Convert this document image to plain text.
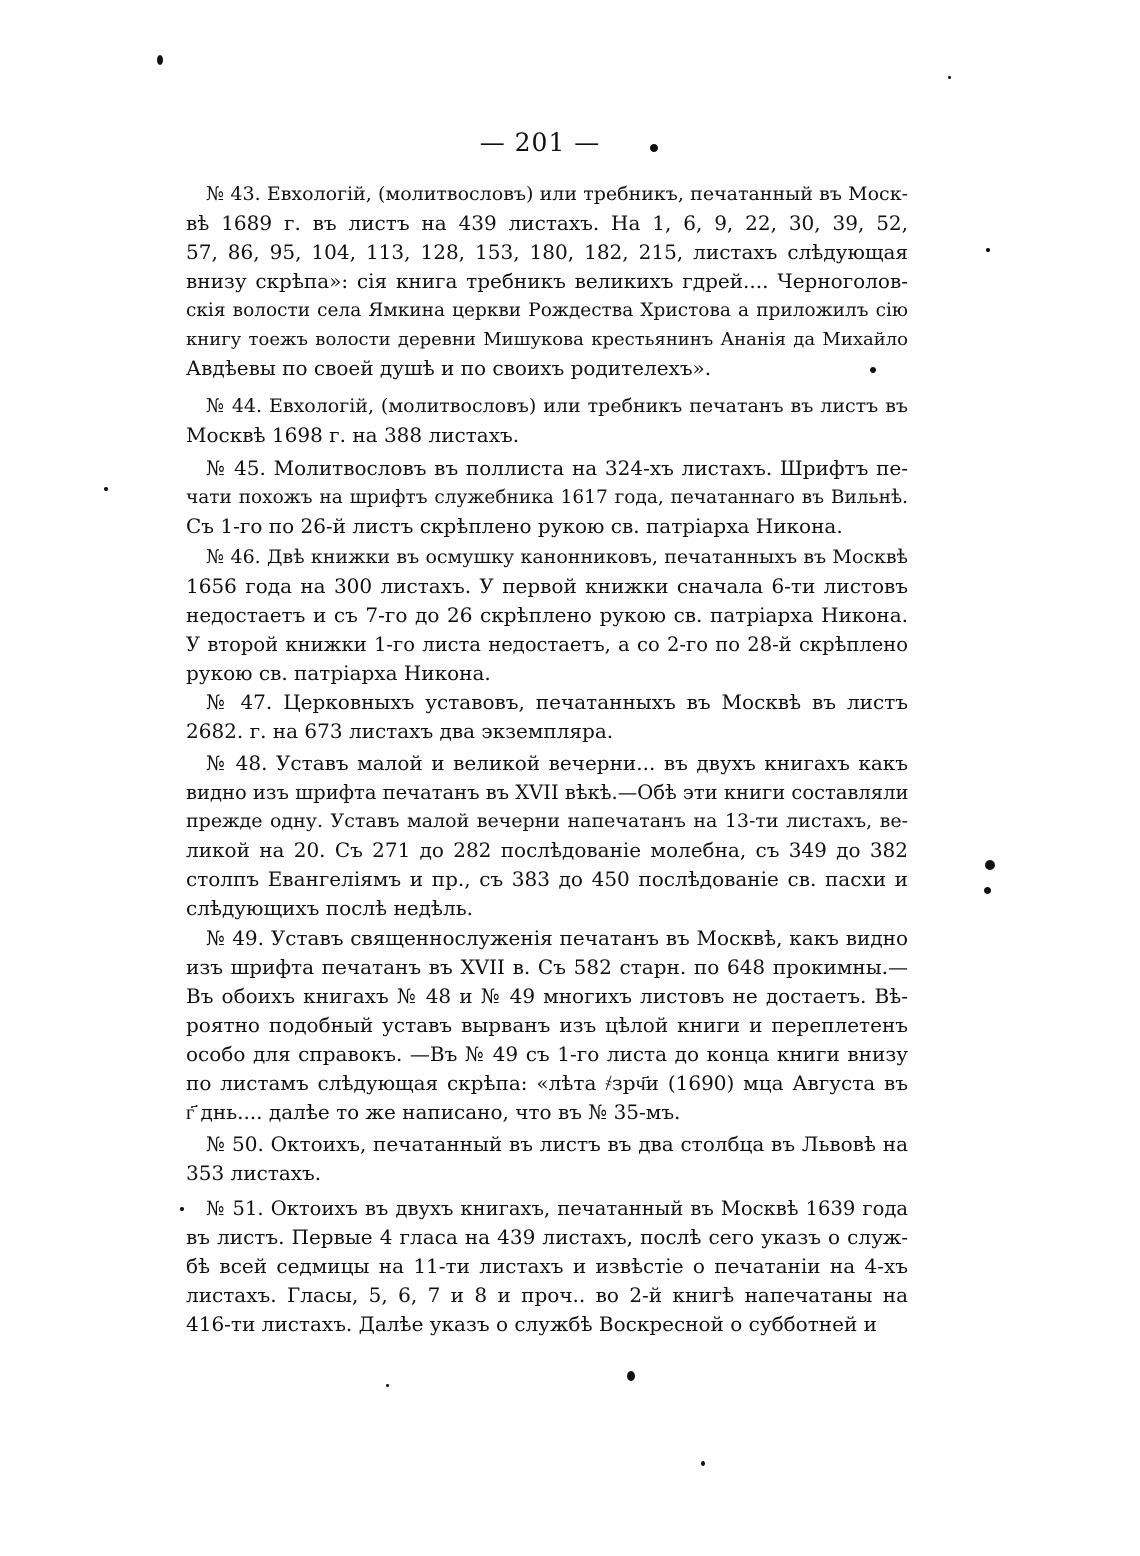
— 201 —
№ 43. Евхологій, (молитвословъ) или требникъ, печатанный въ Моск-
вѣ 1689 г. въ листъ на 439 листахъ. На 1, 6, 9, 22, 30, 39, 52,
57, 86, 95, 104, 113, 128, 153, 180, 182, 215, листахъ слѣдующая
внизу скрѣпа»: сія книга требникъ великихъ гдрей.... Черноголов-
скія волости села Ямкина церкви Рождества Христова а приложилъ сію
книгу тоежъ волости деревни Мишукова крестьянинъ Ананія да Михайло
Авдѣевы по своей душѣ и по своихъ родителехъ».
№ 44. Евхологій, (молитвословъ) или требникъ печатанъ въ листъ въ
Москвѣ 1698 г. на 388 листахъ.
№ 45. Молитвословъ въ поллиста на 324-хъ листахъ. Шрифтъ пе-
чати похожъ на шрифтъ служебника 1617 года, печатаннаго въ Вильнѣ.
Съ 1-го по 26-й листъ скрѣплено рукою св. патріарха Никона.
№ 46. Двѣ книжки въ осмушку канонниковъ, печатанныхъ въ Москвѣ
1656 года на 300 листахъ. У первой книжки сначала 6-ти листовъ
недостаетъ и съ 7-го до 26 скрѣплено рукою св. патріарха Никона.
У второй книжки 1-го листа недостаетъ, а со 2-го по 28-й скрѣплено
рукою св. патріарха Никона.
№ 47. Церковныхъ уставовъ, печатанныхъ въ Москвѣ въ листъ
2682. г. на 673 листахъ два экземпляра.
№ 48. Уставъ малой и великой вечерни... въ двухъ книгахъ какъ
видно изъ шрифта печатанъ въ XVII вѣкѣ.—Обѣ эти книги составляли
прежде одну. Уставъ малой вечерни напечатанъ на 13-ти листахъ, ве-
ликой на 20. Съ 271 до 282 послѣдованіе молебна, съ 349 до 382
столпъ Евангеліямъ и пр., съ 383 до 450 послѣдованіе св. пасхи и
слѣдующихъ послѣ недѣль.
№ 49. Уставъ священнослуженія печатанъ въ Москвѣ, какъ видно
изъ шрифта печатанъ въ XVII в. Съ 582 старн. по 648 прокимны.—
Въ обоихъ книгахъ № 48 и № 49 многихъ листовъ не достаетъ. Вѣ-
роятно подобный уставъ вырванъ изъ цѣлой книги и переплетенъ
особо для справокъ. —Въ № 49 съ 1-го листа до конца книги внизу
по листамъ слѣдующая скрѣпа: «лѣта ҂зрч҃и (1690) мца Августа въ
г҃ днь.... далѣе то же написано, что въ № 35-мъ.
№ 50. Октоихъ, печатанный въ листъ въ два столбца въ Львовѣ на
353 листахъ.
№ 51. Октоихъ въ двухъ книгахъ, печатанный въ Москвѣ 1639 года
въ листъ. Первые 4 гласа на 439 листахъ, послѣ сего указъ о служ-
бѣ всей седмицы на 11-ти листахъ и извѣстіе о печатаніи на 4-хъ
листахъ. Гласы, 5, 6, 7 и 8 и проч.. во 2-й книгѣ напечатаны на
416-ти листахъ. Далѣе указъ о службѣ Воскресной о субботней и
